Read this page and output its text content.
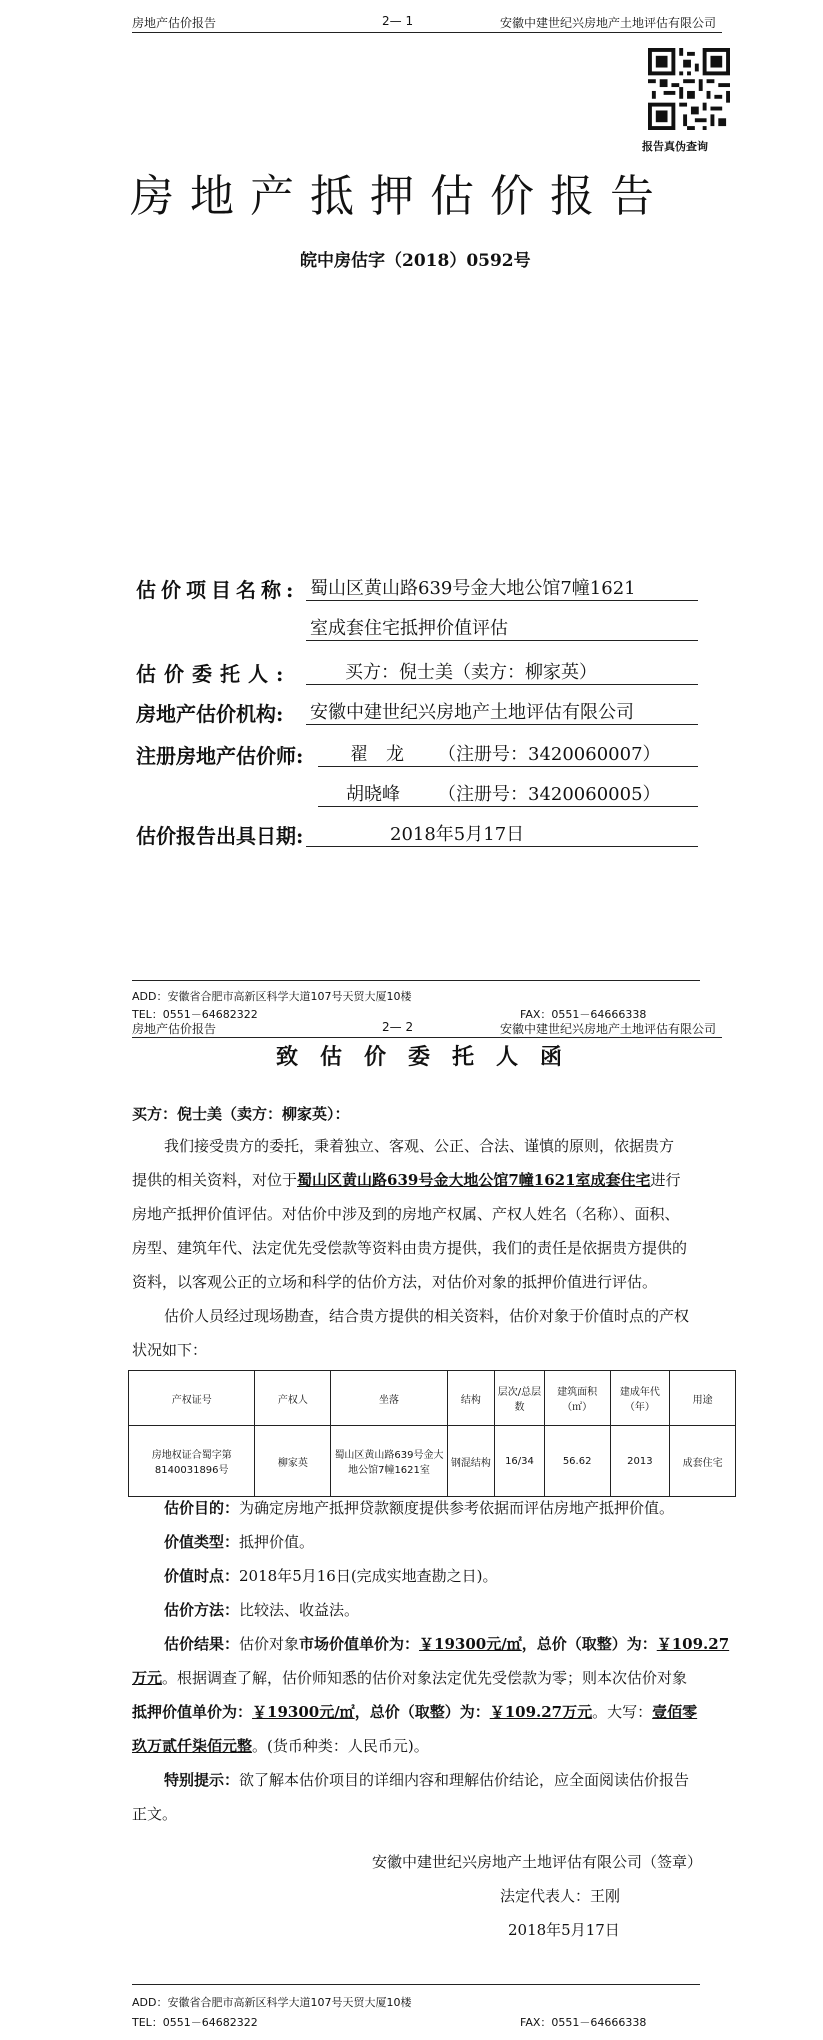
房地产估价报告	2— 1	安徽中建世纪兴房地产土地评估有限公司
报告真伪查询
房地产抵押估价报告
皖中房估字（2018）0592号
估价项目名称: 蜀山区黄山路639号金大地公馆7幢1621
室成套住宅抵押价值评估
估价委托人:	买方：倪士美（卖方：柳家英）
房地产估价机构: 安徽中建世纪兴房地产土地评估有限公司
注册房地产估价师:	翟　龙 （注册号：3420060007）
胡晓峰 （注册号：3420060005）
估价报告出具日期:	2018年5月17日
ADD：安徽省合肥市高新区科学大道107号天贸大厦10楼
TEL：0551－64682322	FAX：0551－64666338
房地产估价报告	2— 2	安徽中建世纪兴房地产土地评估有限公司
致估价委托人函
买方：倪士美（卖方：柳家英）：
我们接受贵方的委托，秉着独立、客观、公正、合法、谨慎的原则，依据贵方
提供的相关资料，对位于蜀山区黄山路639号金大地公馆7幢1621室成套住宅进行
房地产抵押价值评估。对估价中涉及到的房地产权属、产权人姓名（名称）、面积、
房型、建筑年代、法定优先受偿款等资料由贵方提供，我们的责任是依据贵方提供的
资料，以客观公正的立场和科学的估价方法，对估价对象的抵押价值进行评估。
估价人员经过现场勘查，结合贵方提供的相关资料，估价对象于价值时点的产权
状况如下：
产权证号	产权人	坐落	结构	层次/总层数	建筑面积（㎡）	建成年代（年）	用途
房地权证合蜀字第8140031896号	柳家英	蜀山区黄山路639号金大地公馆7幢1621室	钢混结构	16/34	56.62	2013	成套住宅
估价目的：为确定房地产抵押贷款额度提供参考依据而评估房地产抵押价值。
价值类型：抵押价值。
价值时点：2018年5月16日(完成实地查勘之日)。
估价方法：比较法、收益法。
估价结果：估价对象市场价值单价为：￥19300元/㎡，总价（取整）为：￥109.27
万元。根据调查了解，估价师知悉的估价对象法定优先受偿款为零；则本次估价对象
抵押价值单价为：￥19300元/㎡，总价（取整）为：￥109.27万元。大写：壹佰零
玖万贰仟柒佰元整。(货币种类：人民币元)。
特别提示：欲了解本估价项目的详细内容和理解估价结论，应全面阅读估价报告
正文。
安徽中建世纪兴房地产土地评估有限公司（签章）
法定代表人：王刚
2018年5月17日
ADD：安徽省合肥市高新区科学大道107号天贸大厦10楼
TEL：0551－64682322	FAX：0551－64666338
